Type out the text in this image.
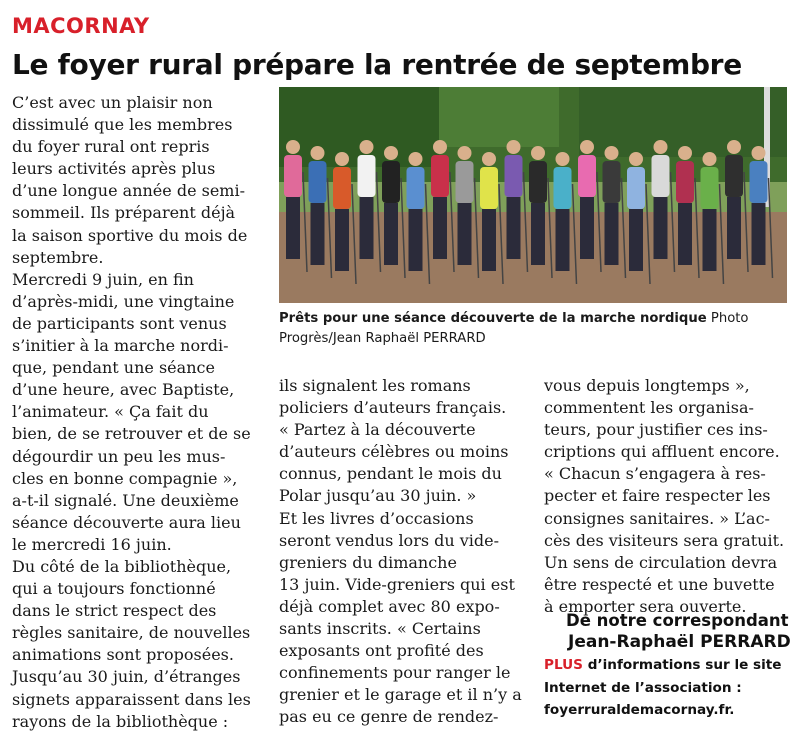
MACORNAY
Le foyer rural prépare la rentrée de septembre
C’est avec un plaisir non
dissimulé que les membres
du foyer rural ont repris
leurs activités après plus
d’une longue année de semi-
sommeil. Ils préparent déjà
la saison sportive du mois de
septembre.
Mercredi 9 juin, en fin
d’après-midi, une vingtaine
de participants sont venus
s’initier à la marche nordi-
que, pendant une séance
d’une heure, avec Baptiste,
l’animateur. « Ça fait du
bien, de se retrouver et de se
dégourdir un peu les mus-
cles en bonne compagnie »,
a-t-il signalé. Une deuxième
séance découverte aura lieu
le mercredi 16 juin.
Du côté de la bibliothèque,
qui a toujours fonctionné
dans le strict respect des
règles sanitaire, de nouvelles
animations sont proposées.
Jusqu’au 30 juin, d’étranges
signets apparaissent dans les
rayons de la bibliothèque :
Prêts pour une séance découverte de la marche nordique Photo Progrès/Jean Raphaël PERRARD
ils signalent les romans
policiers d’auteurs français.
« Partez à la découverte
d’auteurs célèbres ou moins
connus, pendant le mois du
Polar jusqu’au 30 juin. »
Et les livres d’occasions
seront vendus lors du vide-
greniers du dimanche
13 juin. Vide-greniers qui est
déjà complet avec 80 expo-
sants inscrits. « Certains
exposants ont profité des
confinements pour ranger le
grenier et le garage et il n’y a
pas eu ce genre de rendez-
vous depuis longtemps »,
commentent les organisa-
teurs, pour justifier ces ins-
criptions qui affluent encore.
« Chacun s’engagera à res-
pecter et faire respecter les
consignes sanitaires. » L’ac-
cès des visiteurs sera gratuit.
Un sens de circulation devra
être respecté et une buvette
à emporter sera ouverte.
De notre correspondant
Jean-Raphaël PERRARD
PLUS d’informations sur le site
Internet de l’association :
foyerruraldemacornay.fr.
